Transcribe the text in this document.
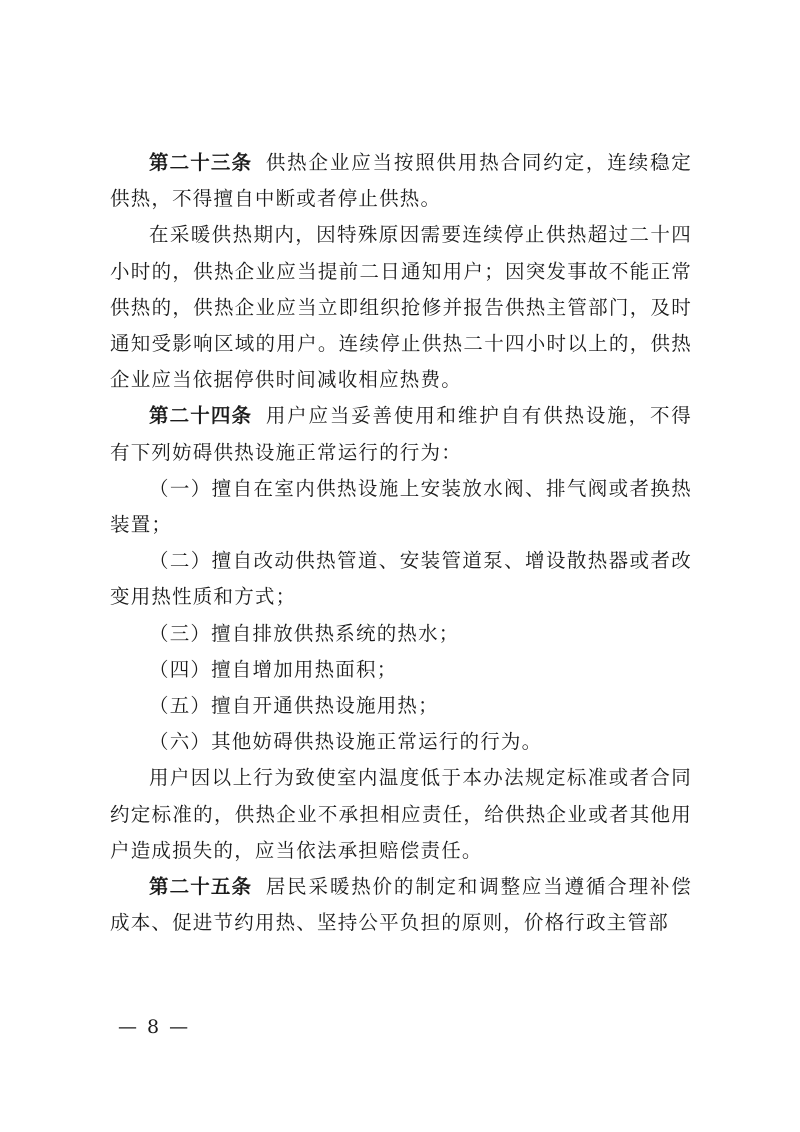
第二十三条 供热企业应当按照供用热合同约定，连续稳定供热，不得擅自中断或者停止供热。

在采暖供热期内，因特殊原因需要连续停止供热超过二十四小时的，供热企业应当提前二日通知用户；因突发事故不能正常供热的，供热企业应当立即组织抢修并报告供热主管部门，及时通知受影响区域的用户。连续停止供热二十四小时以上的，供热企业应当依据停供时间减收相应热费。

第二十四条 用户应当妥善使用和维护自有供热设施，不得有下列妨碍供热设施正常运行的行为：

（一）擅自在室内供热设施上安装放水阀、排气阀或者换热装置；

（二）擅自改动供热管道、安装管道泵、增设散热器或者改变用热性质和方式；

（三）擅自排放供热系统的热水；

（四）擅自增加用热面积；

（五）擅自开通供热设施用热；

（六）其他妨碍供热设施正常运行的行为。

用户因以上行为致使室内温度低于本办法规定标准或者合同约定标准的，供热企业不承担相应责任，给供热企业或者其他用户造成损失的，应当依法承担赔偿责任。

第二十五条 居民采暖热价的制定和调整应当遵循合理补偿成本、促进节约用热、坚持公平负担的原则，价格行政主管部

— 8 —
